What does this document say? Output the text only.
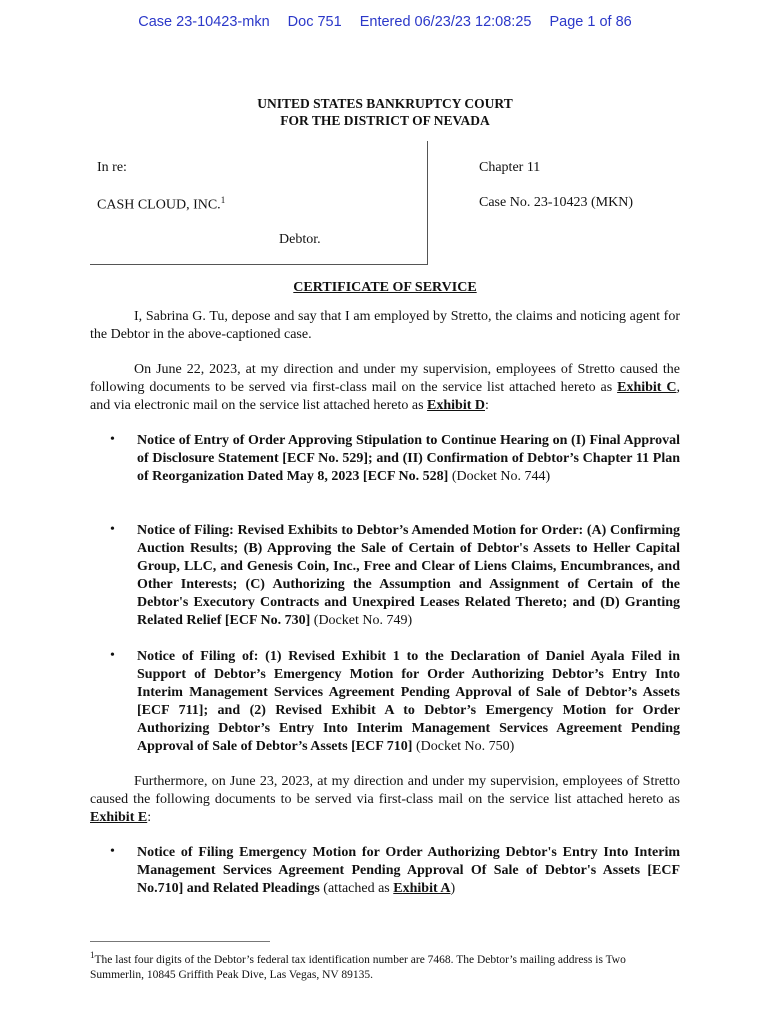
Case 23-10423-mkn Doc 751 Entered 06/23/23 12:08:25 Page 1 of 86
UNITED STATES BANKRUPTCY COURT
FOR THE DISTRICT OF NEVADA
In re:
CASH CLOUD, INC.$^1$
Debtor.
Chapter 11
Case No. 23-10423 (MKN)
CERTIFICATE OF SERVICE
I, Sabrina G. Tu, depose and say that I am employed by Stretto, the claims and noticing agent for the Debtor in the above-captioned case.
On June 22, 2023, at my direction and under my supervision, employees of Stretto caused the following documents to be served via first-class mail on the service list attached hereto as Exhibit C, and via electronic mail on the service list attached hereto as Exhibit D:
• Notice of Entry of Order Approving Stipulation to Continue Hearing on (I) Final Approval of Disclosure Statement [ECF No. 529]; and (II) Confirmation of Debtor’s Chapter 11 Plan of Reorganization Dated May 8, 2023 [ECF No. 528] (Docket No. 744)
• Notice of Filing: Revised Exhibits to Debtor’s Amended Motion for Order: (A) Confirming Auction Results; (B) Approving the Sale of Certain of Debtor's Assets to Heller Capital Group, LLC, and Genesis Coin, Inc., Free and Clear of Liens Claims, Encumbrances, and Other Interests; (C) Authorizing the Assumption and Assignment of Certain of the Debtor's Executory Contracts and Unexpired Leases Related Thereto; and (D) Granting Related Relief [ECF No. 730] (Docket No. 749)
• Notice of Filing of: (1) Revised Exhibit 1 to the Declaration of Daniel Ayala Filed in Support of Debtor’s Emergency Motion for Order Authorizing Debtor’s Entry Into Interim Management Services Agreement Pending Approval of Sale of Debtor’s Assets [ECF 711]; and (2) Revised Exhibit A to Debtor’s Emergency Motion for Order Authorizing Debtor’s Entry Into Interim Management Services Agreement Pending Approval of Sale of Debtor’s Assets [ECF 710] (Docket No. 750)
Furthermore, on June 23, 2023, at my direction and under my supervision, employees of Stretto caused the following documents to be served via first-class mail on the service list attached hereto as Exhibit E:
• Notice of Filing Emergency Motion for Order Authorizing Debtor's Entry Into Interim Management Services Agreement Pending Approval Of Sale of Debtor's Assets [ECF No.710] and Related Pleadings (attached as Exhibit A)
$^1$The last four digits of the Debtor’s federal tax identification number are 7468. The Debtor’s mailing address is Two Summerlin, 10845 Griffith Peak Dive, Las Vegas, NV 89135.
